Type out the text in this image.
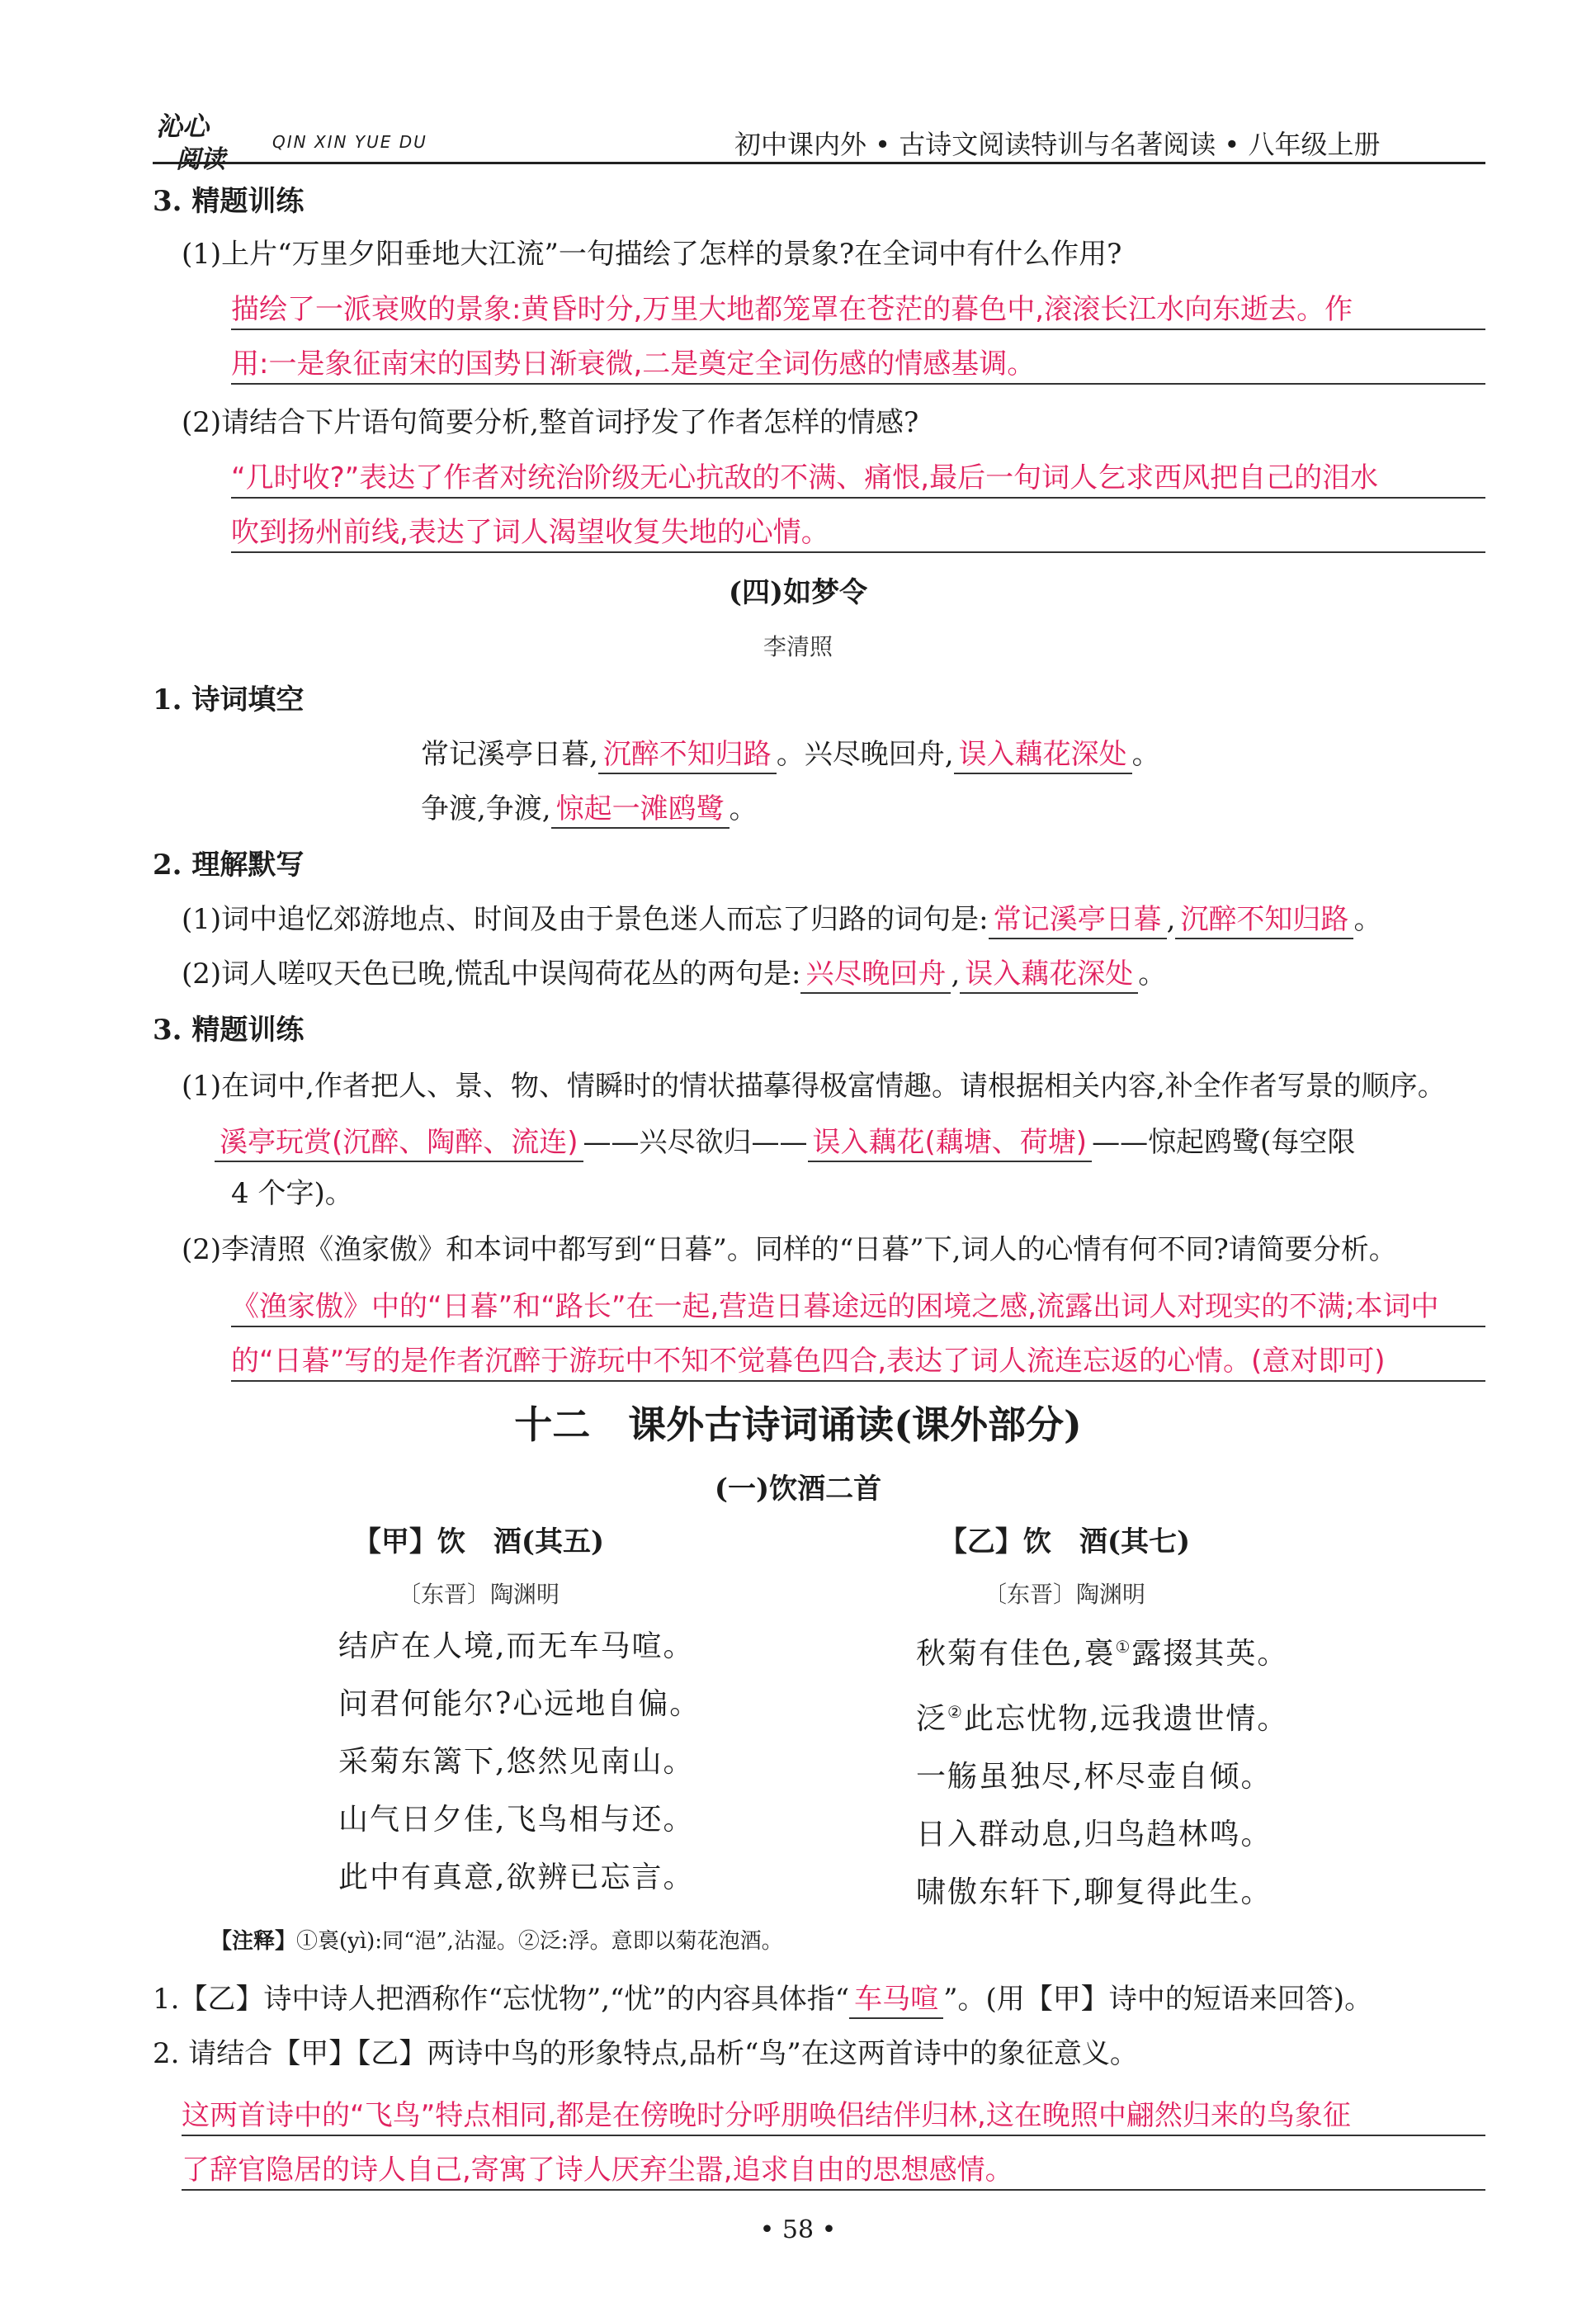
沁心
阅读
QIN XIN YUE DU	初中课内外 • 古诗文阅读特训与名著阅读 • 八年级上册
3. 精题训练
(1)上片“万里夕阳垂地大江流”一句描绘了怎样的景象?在全词中有什么作用?
描绘了一派衰败的景象:黄昏时分,万里大地都笼罩在苍茫的暮色中,滚滚长江水向东逝去。作
用:一是象征南宋的国势日渐衰微,二是奠定全词伤感的情感基调。
(2)请结合下片语句简要分析,整首词抒发了作者怎样的情感?
“几时收?”表达了作者对统治阶级无心抗敌的不满、痛恨,最后一句词人乞求西风把自己的泪水
吹到扬州前线,表达了词人渴望收复失地的心情。
(四)如梦令
李清照
1. 诗词填空
常记溪亭日暮, 沉醉不知归路 。兴尽晚回舟, 误入藕花深处 。
争渡,争渡, 惊起一滩鸥鹭 。
2. 理解默写
(1)词中追忆郊游地点、时间及由于景色迷人而忘了归路的词句是: 常记溪亭日暮 , 沉醉不知归路 。
(2)词人嗟叹天色已晚,慌乱中误闯荷花丛的两句是: 兴尽晚回舟 , 误入藕花深处 。
3. 精题训练
(1)在词中,作者把人、景、物、情瞬时的情状描摹得极富情趣。请根据相关内容,补全作者写景的顺序。
溪亭玩赏(沉醉、陶醉、流连) ——兴尽欲归—— 误入藕花(藕塘、荷塘) ——惊起鸥鹭(每空限
4 个字)。
(2)李清照《渔家傲》和本词中都写到“日暮”。同样的“日暮”下,词人的心情有何不同?请简要分析。
《渔家傲》中的“日暮”和“路长”在一起,营造日暮途远的困境之感,流露出词人对现实的不满;本词中
的“日暮”写的是作者沉醉于游玩中不知不觉暮色四合,表达了词人流连忘返的心情。(意对即可)
十二　课外古诗词诵读(课外部分)
(一)饮酒二首
【甲】饮　酒(其五)
〔东晋〕陶渊明
结庐在人境,而无车马喧。
问君何能尔?心远地自偏。
采菊东篱下,悠然见南山。
山气日夕佳,飞鸟相与还。
此中有真意,欲辨已忘言。
【乙】饮　酒(其七)
〔东晋〕陶渊明
秋菊有佳色,裛①露掇其英。
泛②此忘忧物,远我遗世情。
一觞虽独尽,杯尽壶自倾。
日入群动息,归鸟趋林鸣。
啸傲东轩下,聊复得此生。
【注释】①裛(yì):同“浥”,沾湿。②泛:浮。意即以菊花泡酒。
1.【乙】诗中诗人把酒称作“忘忧物”,“忧”的内容具体指“ 车马喧 ”。(用【甲】诗中的短语来回答)。
2. 请结合【甲】【乙】两诗中鸟的形象特点,品析“鸟”在这两首诗中的象征意义。
这两首诗中的“飞鸟”特点相同,都是在傍晚时分呼朋唤侣结伴归林,这在晚照中翩然归来的鸟象征
了辞官隐居的诗人自己,寄寓了诗人厌弃尘嚣,追求自由的思想感情。
• 58 •
